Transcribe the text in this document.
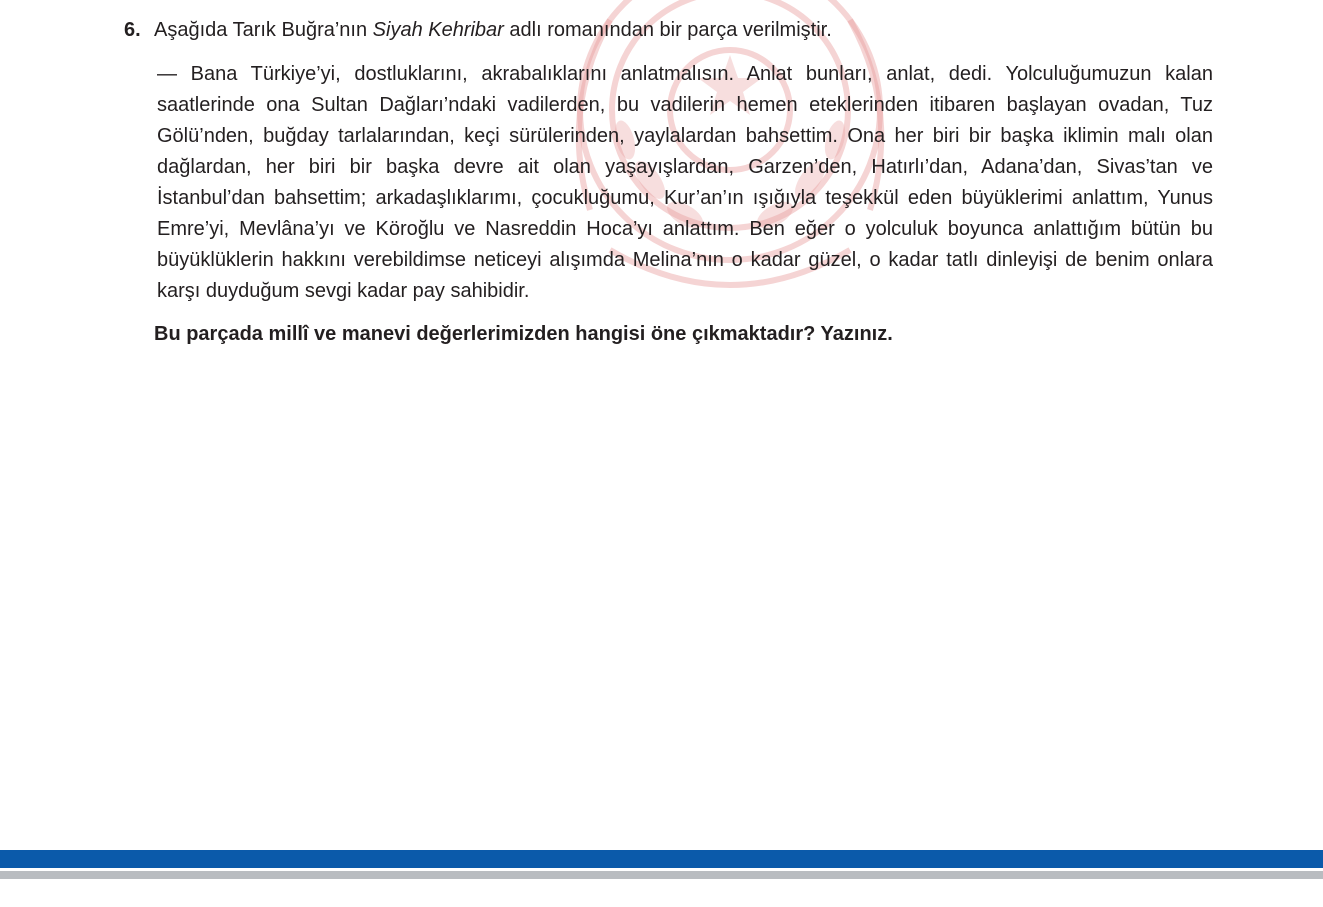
6. Aşağıda Tarık Buğra’nın Siyah Kehribar adlı romanından bir parça verilmiştir.

— Bana Türkiye’yi, dostluklarını, akrabalıklarını anlatmalısın. Anlat bunları, anlat, dedi. Yolculuğumuzun kalan saatlerinde ona Sultan Dağları’ndaki vadilerden, bu vadilerin hemen eteklerinden itibaren başlayan ovadan, Tuz Gölü’nden, buğday tarlalarından, keçi sürülerinden, yaylalardan bahsettim. Ona her biri bir başka iklimin malı olan dağlardan, her biri bir başka devre ait olan yaşayışlardan, Garzen’den, Hatırlı’dan, Adana’dan, Sivas’tan ve İstanbul’dan bahsettim; arkadaşlıklarımı, çocukluğumu, Kur’an’ın ışığıyla teşekkül eden büyüklerimi anlattım, Yunus Emre’yi, Mevlâna’yı ve Köroğlu ve Nasreddin Hoca’yı anlattım. Ben eğer o yolculuk boyunca anlattığım bütün bu büyüklüklerin hakkını verebildimse neticeyi alışımda Melina’nın o kadar güzel, o kadar tatlı dinleyişi de benim onlara karşı duyduğum sevgi kadar pay sahibidir.

Bu parçada millî ve manevi değerlerimizden hangisi öne çıkmaktadır? Yazınız.
